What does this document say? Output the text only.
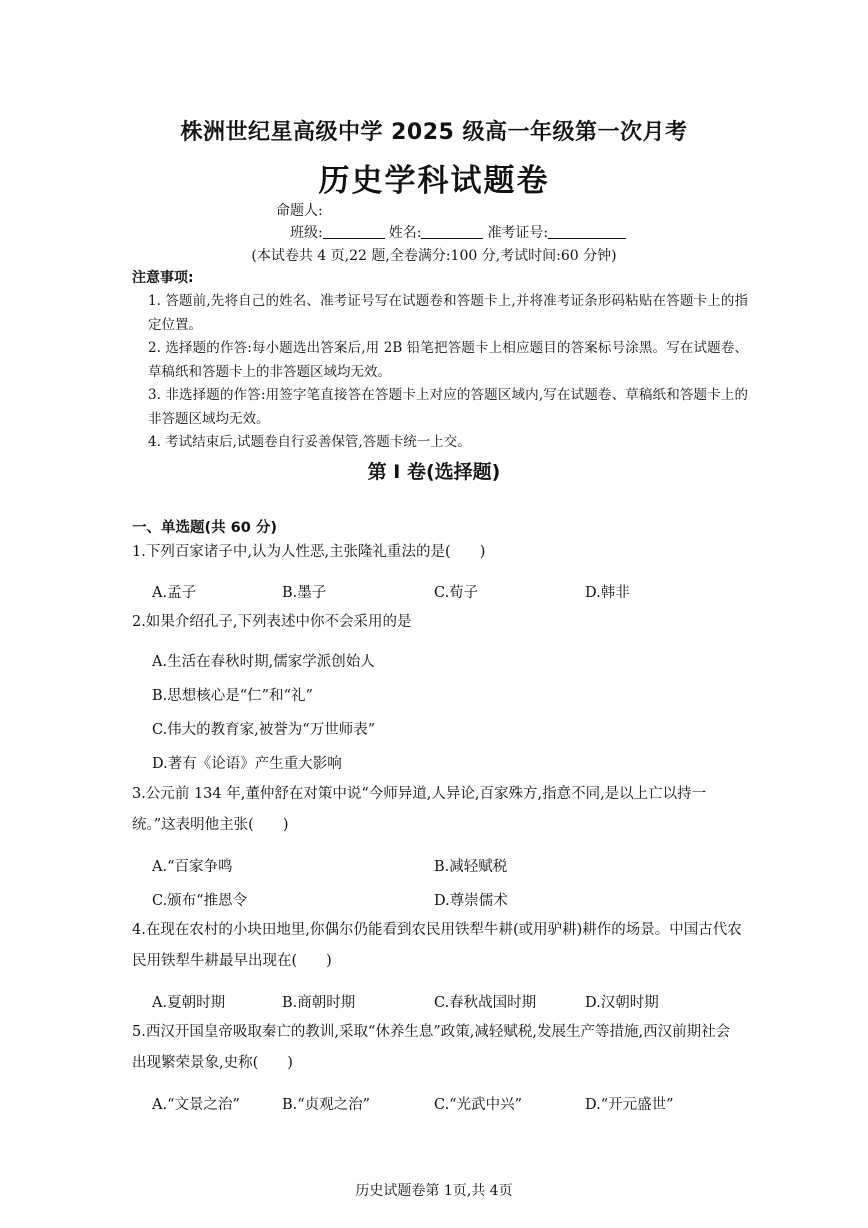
株洲世纪星高级中学 2025 级高一年级第一次月考
历史学科试题卷
命题人:
班级:	姓名:	准考证号:
(本试卷共 4 页,22 题,全卷满分:100 分,考试时间:60 分钟)
注意事项:

1. 答题前,先将自己的姓名、准考证号写在试题卷和答题卡上,并将准考证条形码粘贴在答题卡上的指定位置。

2. 选择题的作答:每小题选出答案后,用 2B 铅笔把答题卡上相应题目的答案标号涂黑。写在试题卷、草稿纸和答题卡上的非答题区域均无效。

3. 非选择题的作答:用签字笔直接答在答题卡上对应的答题区域内,写在试题卷、草稿纸和答题卡上的非答题区域均无效。

4. 考试结束后,试题卷自行妥善保管,答题卡统一上交。

第 I 卷(选择题)
一、单选题(共 60 分)

1.下列百家诸子中,认为人性恶,主张隆礼重法的是(　　)

A.孟子	B.墨子	C.荀子	D.韩非

2.如果介绍孔子,下列表述中你不会采用的是

A.生活在春秋时期,儒家学派创始人
B.思想核心是“仁”和“礼”
C.伟大的教育家,被誉为“万世师表”
D.著有《论语》产生重大影响

3.公元前 134 年,董仲舒在对策中说“今师异道,人异论,百家殊方,指意不同,是以上亡以持一统。”这表明他主张(　　)

A.“百家争鸣	B.减轻赋税
C.颁布“推恩令	D.尊崇儒术

4.在现在农村的小块田地里,你偶尔仍能看到农民用铁犁牛耕(或用驴耕)耕作的场景。中国古代农民用铁犁牛耕最早出现在(　　)

A.夏朝时期	B.商朝时期	C.春秋战国时期	D.汉朝时期

5.西汉开国皇帝吸取秦亡的教训,采取“休养生息”政策,减轻赋税,发展生产等措施,西汉前期社会出现繁荣景象,史称(　　)

A.“文景之治”	B.“贞观之治”	C.“光武中兴”	D.“开元盛世”
历史试题卷第 1页,共 4页
